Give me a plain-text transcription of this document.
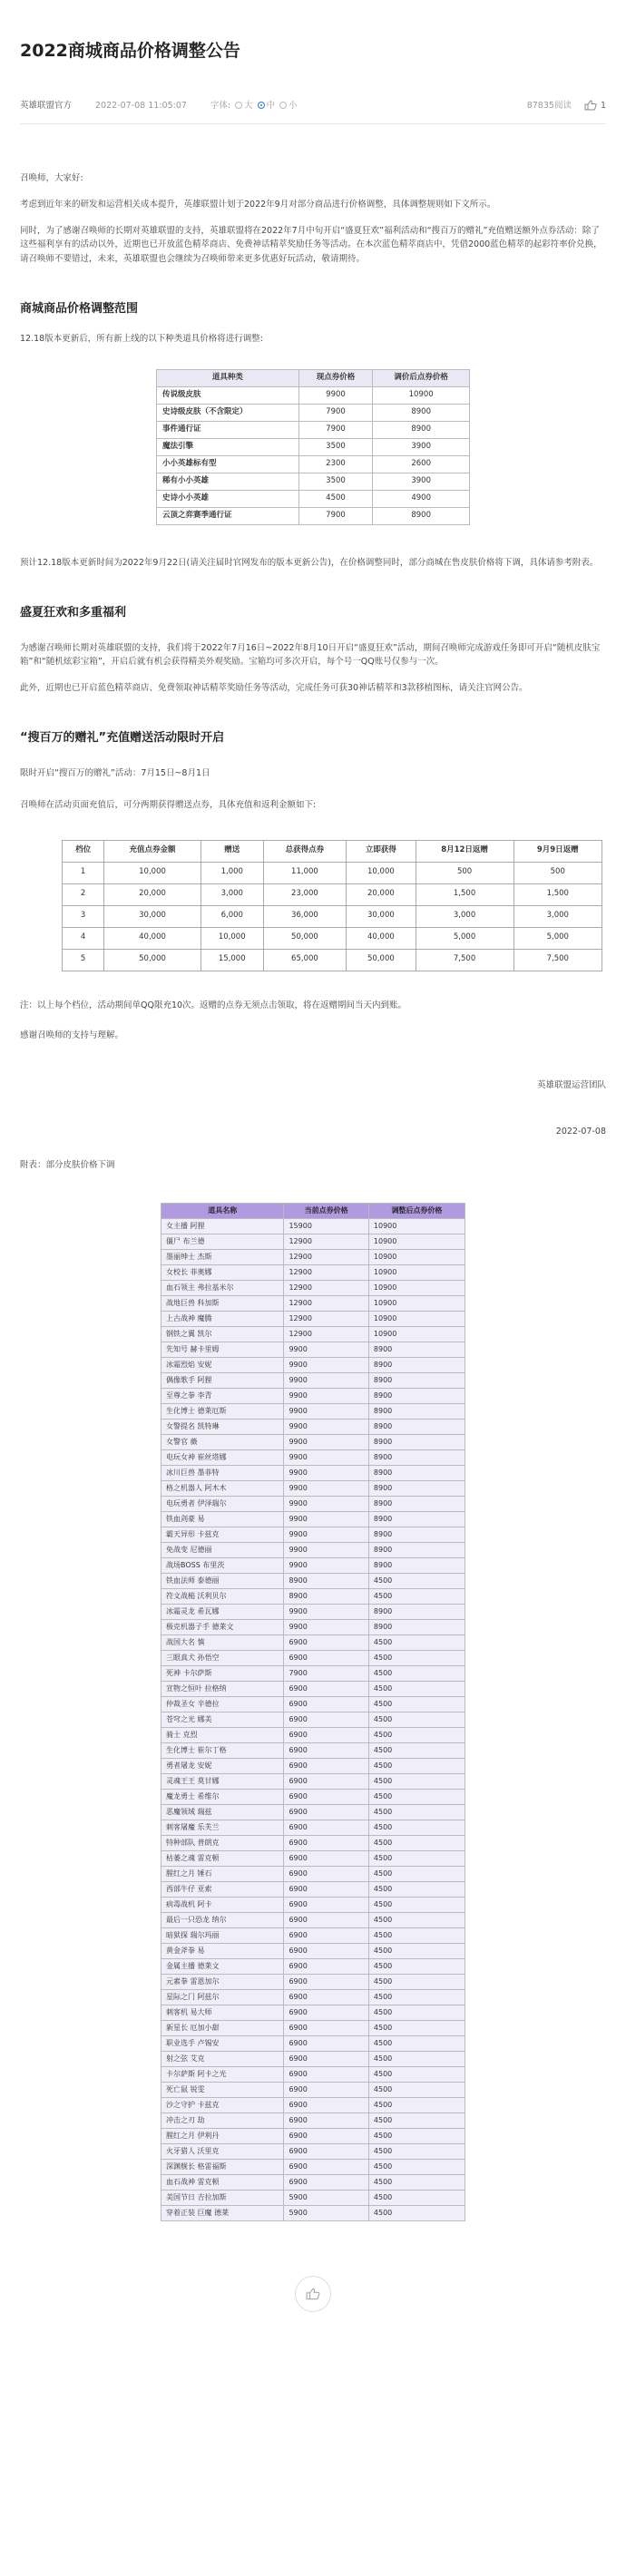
2022商城商品价格调整公告
英雄联盟官方	2022-07-08 11:05:07	字体:	大	中	小	87835阅读	1

召唤师，大家好:

考虑到近年来的研发和运营相关成本提升，英雄联盟计划于2022年9月对部分商品进行价格调整，具体调整规则如下文所示。

同时，为了感谢召唤师的长期对英雄联盟的支持，英雄联盟将在2022年7月中旬开启“盛夏狂欢”福利活动和“搜百万的赠礼”充值赠送额外点券活动：除了这些福利享有的活动以外，近期也已开放蓝色精萃商店、免费神话精萃奖励任务等活动。在本次蓝色精萃商店中，凭借2000蓝色精萃的起彩符率价兑换，请召唤师不要错过，未来，英雄联盟也会继续为召唤师带来更多优惠好玩活动，敬请期待。

商城商品价格调整范围

12.18版本更新后，所有新上线的以下种类道具价格将进行调整:

道具种类	现点券价格	调价后点券价格
传说级皮肤	9900	10900
史诗级皮肤（不含限定）	7900	8900
事件通行证	7900	8900
魔法引擎	3500	3900
小小英雄标有型	2300	2600
稀有小小英雄	3500	3900
史诗小小英雄	4500	4900
云顶之弈赛季通行证	7900	8900

预计12.18版本更新时间为2022年9月22日(请关注届时官网发布的版本更新公告)，在价格调整同时，部分商城在售皮肤价格将下调，具体请参考附表。

盛夏狂欢和多重福利

为感谢召唤师长期对英雄联盟的支持，我们将于2022年7月16日~2022年8月10日开启“盛夏狂欢”活动，期间召唤师完成游戏任务即可开启“随机皮肤宝箱”和“随机炫彩宝箱”，开启后就有机会获得精美外观奖励。宝箱均可多次开启，每个号一QQ账号仅参与一次。

此外，近期也已开启蓝色精萃商店、免费领取神话精萃奖励任务等活动，完成任务可获30神话精萃和3款移植图标，请关注官网公告。

“搜百万的赠礼”充值赠送活动限时开启

限时开启“搜百万的赠礼”活动：7月15日~8月1日

召唤师在活动页面充值后，可分两期获得赠送点券，具体充值和返利金额如下:

档位	充值点券金额	赠送	总获得点券	立即获得	8月12日返赠	9月9日返赠
1	10,000	1,000	11,000	10,000	500	500
2	20,000	3,000	23,000	20,000	1,500	1,500
3	30,000	6,000	36,000	30,000	3,000	3,000
4	40,000	10,000	50,000	40,000	5,000	5,000
5	50,000	15,000	65,000	50,000	7,500	7,500

注：以上每个档位，活动期间单QQ限充10次。返赠的点券无须点击领取，将在返赠期间当天内到账。

感谢召唤师的支持与理解。

英雄联盟运营团队
2022-07-08

附表：部分皮肤价格下调

道具名称	当前点券价格	调整后点券价格
女主播 阿狸	15900	10900
僵尸 布兰德	12900	10900
墨丽绅士 杰斯	12900	10900
女校长 菲奥娜	12900	10900
血石领主 弗拉基米尔	12900	10900
战地巨兽 科加斯	12900	10900
上古战神 魔腾	12900	10900
钢铁之翼 凯尔	12900	10900
先知号 赫卡里姆	9900	8900
冰霜烈焰 安妮	9900	8900
偶像歌手 阿狸	9900	8900
至尊之拳 李青	9900	8900
生化博士 德莱厄斯	9900	8900
女警提名 凯特琳	9900	8900
女警官 薇	9900	8900
电玩女神 崔丝塔娜	9900	8900
冰川巨兽 墨菲特	9900	8900
格之机器人 阿木木	9900	8900
电玩勇者 伊泽瑞尔	9900	8900
铁血剑豪 易	9900	8900
霸天异形 卡兹克	9900	8900
免战变 尼德丽	9900	8900
战场BOSS 布里茨	9900	8900
铁血法师 泰德丽	8900	4500
符文战槌 沃利贝尔	8900	4500
冰霜灵龙 希瓦娜	9900	8900
极克机器子手 德莱文	9900	8900
战国大名 慎	6900	4500
三眼真犬 孙悟空	6900	4500
死神 卡尔萨斯	7900	4500
宣物之恒叶 拉格纳	6900	4500
仲裁圣女 辛德拉	6900	4500
苍穹之光 娜美	6900	4500
骑士 克烈	6900	4500
生化博士 崔尔丁格	6900	4500
勇者屠龙 安妮	6900	4500
灵魂王王 莫甘娜	6900	4500
魔龙勇士 希维尔	6900	4500
恶魔领域 瑞兹	6900	4500
刺客屠魔 乐芙兰	6900	4500
特种部队 普朗克	6900	4500
枯萎之魂 雷克顿	6900	4500
腥红之月 锤石	6900	4500
西部牛仔 亚索	6900	4500
病毒战机 阿卡	6900	4500
最后一只恐龙 纳尔	6900	4500
暗狱探 瑞尔玛丽	6900	4500
黄金斧拳 易	6900	4500
金属主播 德莱文	6900	4500
元素拳 雷恩加尔	6900	4500
星际之门 阿兹尔	6900	4500
刺客机 易大师	6900	4500
新星长 厄加小甜	6900	4500
职业选手 卢锡安	6900	4500
射之弦 艾克	6900	4500
卡尔萨斯 阿卡之光	6900	4500
死亡鼠 锐雯	6900	4500
沙之守护 卡兹克	6900	4500
冲击之刃 劫	6900	4500
腥红之月 伊利丹	6900	4500
火牙猎人 沃里克	6900	4500
深渊舰长 格雷福斯	6900	4500
血石战神 雷克顿	6900	4500
美国节日 吉拉加斯	5900	4500
穿着正装 巨魔 德莱	5900	4500
